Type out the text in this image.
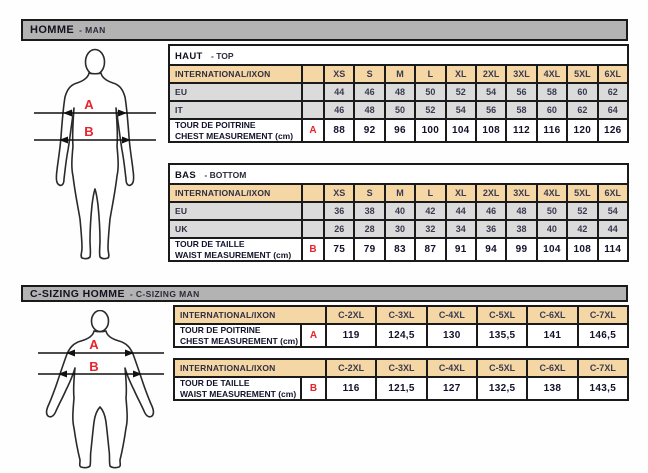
HOMME - MAN
A
B
HAUT - TOP											
INTERNATIONAL/IXON		XS	S	M	L	XL	2XL	3XL	4XL	5XL	6XL
EU		44	46	48	50	52	54	56	58	60	62
IT		46	48	50	52	54	56	58	60	62	64

TOUR DE POITRINE
CHEST MEASUREMENT (cm)	A	88	92	96	100	104	108	112	116	120	126
BAS - BOTTOM											
INTERNATIONAL/IXON		XS	S	M	L	XL	2XL	3XL	4XL	5XL	6XL
EU		36	38	40	42	44	46	48	50	52	54
UK		26	28	30	32	34	36	38	40	42	44

TOUR DE TAILLE
WAIST MEASUREMENT (cm)	B	75	79	83	87	91	94	99	104	108	114
C-SIZING HOMME - C-SIZING MAN
A
B
INTERNATIONAL/IXON		C-2XL	C-3XL	C-4XL	C-5XL	C-6XL	C-7XL

TOUR DE POITRINE
CHEST MEASUREMENT (cm)	A	119	124,5	130	135,5	141	146,5
INTERNATIONAL/IXON		C-2XL	C-3XL	C-4XL	C-5XL	C-6XL	C-7XL

TOUR DE TAILLE
WAIST MEASUREMENT (cm)	B	116	121,5	127	132,5	138	143,5
